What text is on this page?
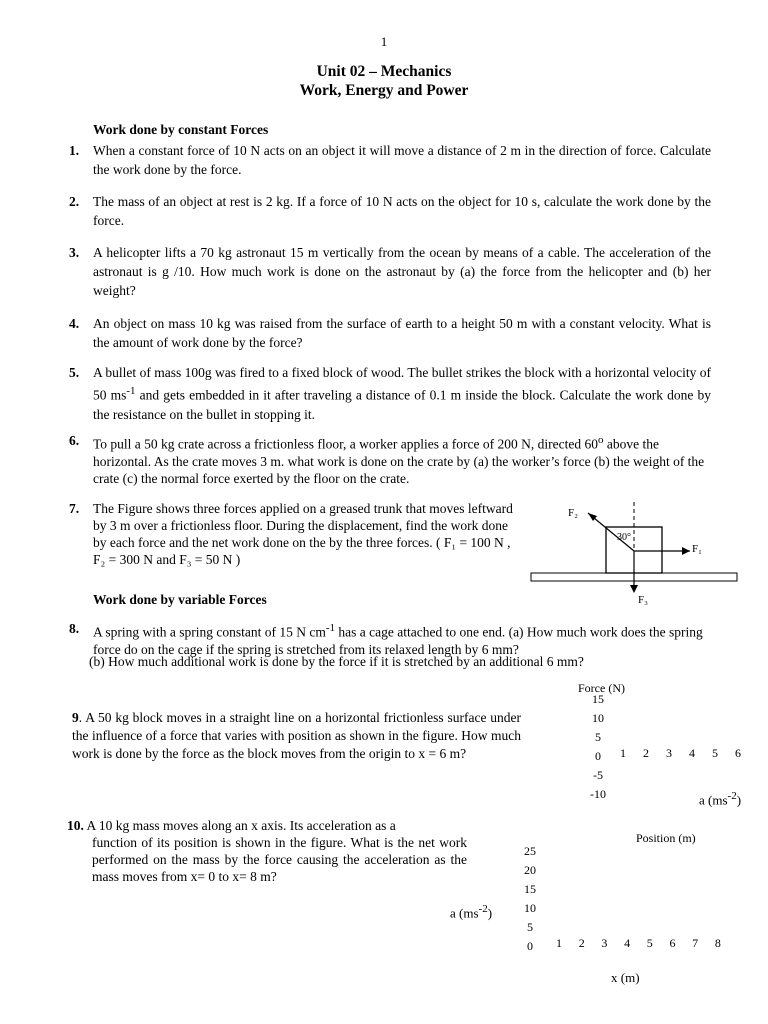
1
Unit 02 – Mechanics
Work, Energy and Power
Work done by constant Forces
1. When a constant force of 10 N acts on an object it will move a distance of 2 m in the direction of force. Calculate the work done by the force.
2. The mass of an object at rest is 2 kg. If a force of 10 N acts on the object for 10 s, calculate the work done by the force.
3. A helicopter lifts a 70 kg astronaut 15 m vertically from the ocean by means of a cable. The acceleration of the astronaut is g /10. How much work is done on the astronaut by (a) the force from the helicopter and (b) her weight?
4. An object on mass 10 kg was raised from the surface of earth to a height 50 m with a constant velocity. What is the amount of work done by the force?
5. A bullet of mass 100g was fired to a fixed block of wood. The bullet strikes the block with a horizontal velocity of 50 $ms^{-1}$ and gets embedded in it after traveling a distance of 0.1 m inside the block. Calculate the work done by the resistance on the bullet in stopping it.
6. To pull a 50 kg crate across a frictionless floor, a worker applies a force of 200 N, directed 60$^o$ above the horizontal. As the crate moves 3 m. what work is done on the crate by (a) the worker’s force (b) the weight of the crate (c) the normal force exerted by the floor on the crate.
7. The Figure shows three forces applied on a greased trunk that moves leftward by 3 m over a frictionless floor. During the displacement, find the work done by each force and the net work done on the by the three forces. ( F₁ = 100 N , F₂ = 300 N and F₃ = 50 N )
F₂
30°
F₁
F₃
Work done by variable Forces
8. A spring with a spring constant of 15 N $cm^{-1}$ has a cage attached to one end. (a) How much work does the spring force do on the cage if the spring is stretched from its relaxed length by 6 mm?
(b) How much additional work is done by the force if it is stretched by an additional 6 mm?
9. A 50 kg block moves in a straight line on a horizontal frictionless surface under the influence of a force that varies with position as shown in the figure. How much work is done by the force as the block moves from the origin to x = 6 m?
Force (N)
15
10
5
0
-5
-10
1	2	3	4	5	6
a $(ms^{-2})$
Position (m)
10. A 10 kg mass moves along an x axis. Its acceleration as a
function of its position is shown in the figure. What is the net work performed on the mass by the force causing the acceleration as the mass moves from x= 0 to x= 8 m?
25
20
15
10
5
0
a $(ms^{-2})$
1	2	3	4	5	6	7	8
x (m)
